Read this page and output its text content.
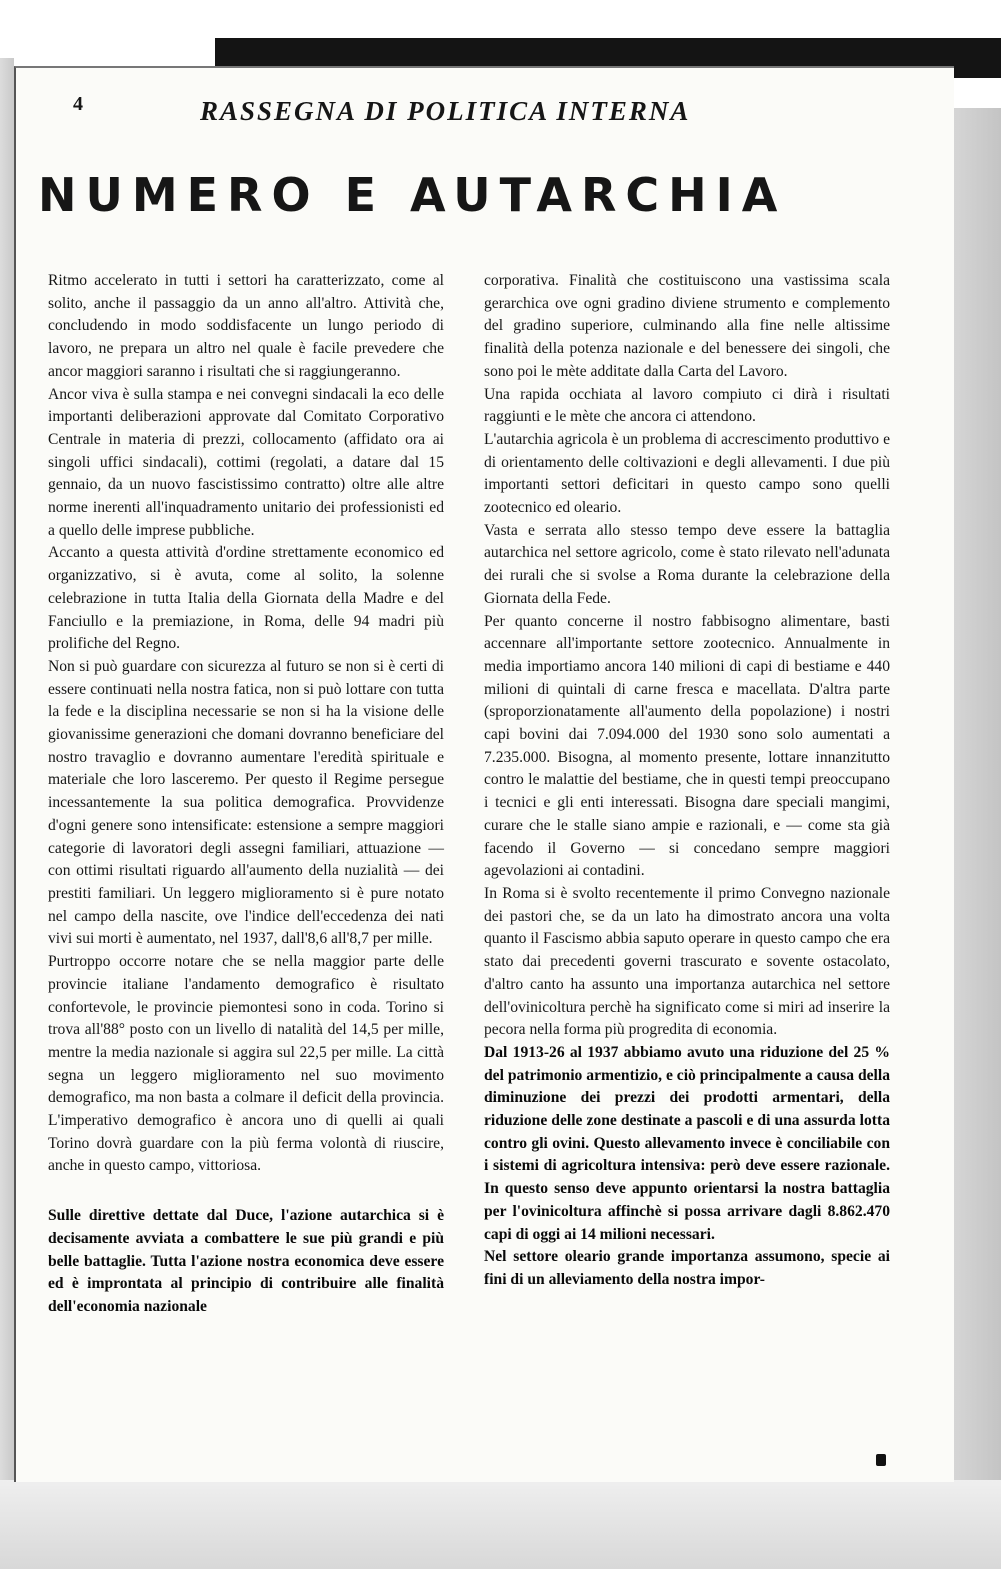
4	RASSEGNA DI POLITICA INTERNA
NUMERO E AUTARCHIA

Ritmo accelerato in tutti i settori ha caratterizzato, come al solito, anche il passaggio da un anno all'altro. Attività che, concludendo in modo soddisfacente un lungo periodo di lavoro, ne prepara un altro nel quale è facile prevedere che ancor maggiori saranno i risultati che si raggiungeranno.

Ancor viva è sulla stampa e nei convegni sindacali la eco delle importanti deliberazioni approvate dal Comitato Corporativo Centrale in materia di prezzi, collocamento (affidato ora ai singoli uffici sindacali), cottimi (regolati, a datare dal 15 gennaio, da un nuovo fascistissimo contratto) oltre alle altre norme inerenti all'inquadramento unitario dei professionisti ed a quello delle imprese pubbliche.

Accanto a questa attività d'ordine strettamente economico ed organizzativo, si è avuta, come al solito, la solenne celebrazione in tutta Italia della Giornata della Madre e del Fanciullo e la premiazione, in Roma, delle 94 madri più prolifiche del Regno.

Non si può guardare con sicurezza al futuro se non si è certi di essere continuati nella nostra fatica, non si può lottare con tutta la fede e la disciplina necessarie se non si ha la visione delle giovanissime generazioni che domani dovranno beneficiare del nostro travaglio e dovranno aumentare l'eredità spirituale e materiale che loro lasceremo. Per questo il Regime persegue incessantemente la sua politica demografica. Provvidenze d'ogni genere sono intensificate: estensione a sempre maggiori categorie di lavoratori degli assegni familiari, attuazione — con ottimi risultati riguardo all'aumento della nuzialità — dei prestiti familiari. Un leggero miglioramento si è pure notato nel campo della nascite, ove l'indice dell'eccedenza dei nati vivi sui morti è aumentato, nel 1937, dall'8,6 all'8,7 per mille.

Purtroppo occorre notare che se nella maggior parte delle provincie italiane l'andamento demografico è risultato confortevole, le provincie piemontesi sono in coda. Torino si trova all'88° posto con un livello di natalità del 14,5 per mille, mentre la media nazionale si aggira sul 22,5 per mille. La città segna un leggero miglioramento nel suo movimento demografico, ma non basta a colmare il deficit della provincia. L'imperativo demografico è ancora uno di quelli ai quali Torino dovrà guardare con la più ferma volontà di riuscire, anche in questo campo, vittoriosa.

Sulle direttive dettate dal Duce, l'azione autarchica si è decisamente avviata a combattere le sue più grandi e più belle battaglie. Tutta l'azione nostra economica deve essere ed è improntata al principio di contribuire alle finalità dell'economia nazionale

corporativa. Finalità che costituiscono una vastissima scala gerarchica ove ogni gradino diviene strumento e complemento del gradino superiore, culminando alla fine nelle altissime finalità della potenza nazionale e del benessere dei singoli, che sono poi le mète additate dalla Carta del Lavoro.

Una rapida occhiata al lavoro compiuto ci dirà i risultati raggiunti e le mète che ancora ci attendono.

L'autarchia agricola è un problema di accrescimento produttivo e di orientamento delle coltivazioni e degli allevamenti. I due più importanti settori deficitari in questo campo sono quelli zootecnico ed oleario.

Vasta e serrata allo stesso tempo deve essere la battaglia autarchica nel settore agricolo, come è stato rilevato nell'adunata dei rurali che si svolse a Roma durante la celebrazione della Giornata della Fede.

Per quanto concerne il nostro fabbisogno alimentare, basti accennare all'importante settore zootecnico. Annualmente in media importiamo ancora 140 milioni di capi di bestiame e 440 milioni di quintali di carne fresca e macellata. D'altra parte (sproporzionatamente all'aumento della popolazione) i nostri capi bovini dai 7.094.000 del 1930 sono solo aumentati a 7.235.000. Bisogna, al momento presente, lottare innanzitutto contro le malattie del bestiame, che in questi tempi preoccupano i tecnici e gli enti interessati. Bisogna dare speciali mangimi, curare che le stalle siano ampie e razionali, e — come sta già facendo il Governo — si concedano sempre maggiori agevolazioni ai contadini.

In Roma si è svolto recentemente il primo Convegno nazionale dei pastori che, se da un lato ha dimostrato ancora una volta quanto il Fascismo abbia saputo operare in questo campo che era stato dai precedenti governi trascurato e sovente ostacolato, d'altro canto ha assunto una importanza autarchica nel settore dell'ovinicoltura perchè ha significato come si miri ad inserire la pecora nella forma più progredita di economia.

Dal 1913-26 al 1937 abbiamo avuto una riduzione del 25 % del patrimonio armentizio, e ciò principalmente a causa della diminuzione dei prezzi dei prodotti armentari, della riduzione delle zone destinate a pascoli e di una assurda lotta contro gli ovini. Questo allevamento invece è conciliabile con i sistemi di agricoltura intensiva: però deve essere razionale. In questo senso deve appunto orientarsi la nostra battaglia per l'ovinicoltura affinchè si possa arrivare dagli 8.862.470 capi di oggi ai 14 milioni necessari.

Nel settore oleario grande importanza assumono, specie ai fini di un alleviamento della nostra impor-
